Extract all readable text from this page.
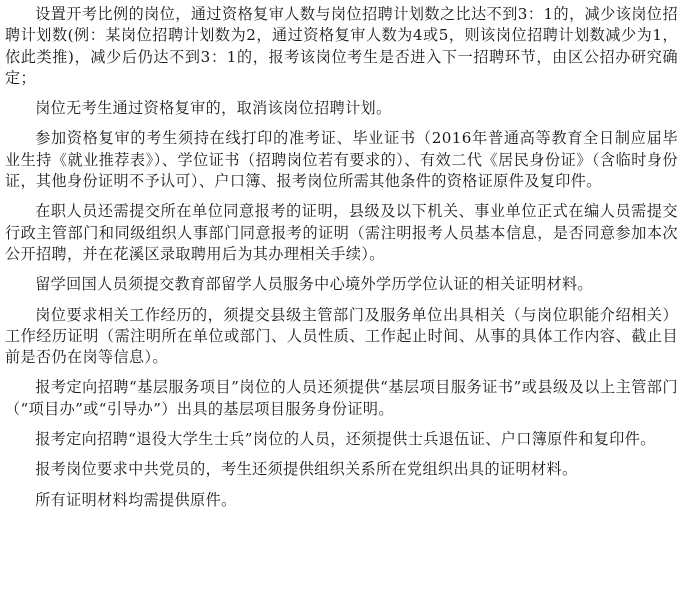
设置开考比例的岗位，通过资格复审人数与岗位招聘计划数之比达不到3：1的，减少该岗位招聘计划数(例：某岗位招聘计划数为2，通过资格复审人数为4或5，则该岗位招聘计划数减少为1，依此类推)，减少后仍达不到3：1的，报考该岗位考生是否进入下一招聘环节，由区公招办研究确定；

岗位无考生通过资格复审的，取消该岗位招聘计划。

参加资格复审的考生须持在线打印的准考证、毕业证书（2016年普通高等教育全日制应届毕业生持《就业推荐表》）、学位证书（招聘岗位若有要求的）、有效二代《居民身份证》（含临时身份证，其他身份证明不予认可）、户口簿、报考岗位所需其他条件的资格证原件及复印件。

在职人员还需提交所在单位同意报考的证明，县级及以下机关、事业单位正式在编人员需提交行政主管部门和同级组织人事部门同意报考的证明（需注明报考人员基本信息，是否同意参加本次公开招聘，并在花溪区录取聘用后为其办理相关手续）。

留学回国人员须提交教育部留学人员服务中心境外学历学位认证的相关证明材料。

岗位要求相关工作经历的，须提交县级主管部门及服务单位出具相关（与岗位职能介绍相关）工作经历证明（需注明所在单位或部门、人员性质、工作起止时间、从事的具体工作内容、截止目前是否仍在岗等信息）。

报考定向招聘“基层服务项目”岗位的人员还须提供“基层项目服务证书”或县级及以上主管部门（“项目办”或“引导办”）出具的基层项目服务身份证明。

报考定向招聘“退役大学生士兵”岗位的人员，还须提供士兵退伍证、户口簿原件和复印件。

报考岗位要求中共党员的，考生还须提供组织关系所在党组织出具的证明材料。

所有证明材料均需提供原件。
